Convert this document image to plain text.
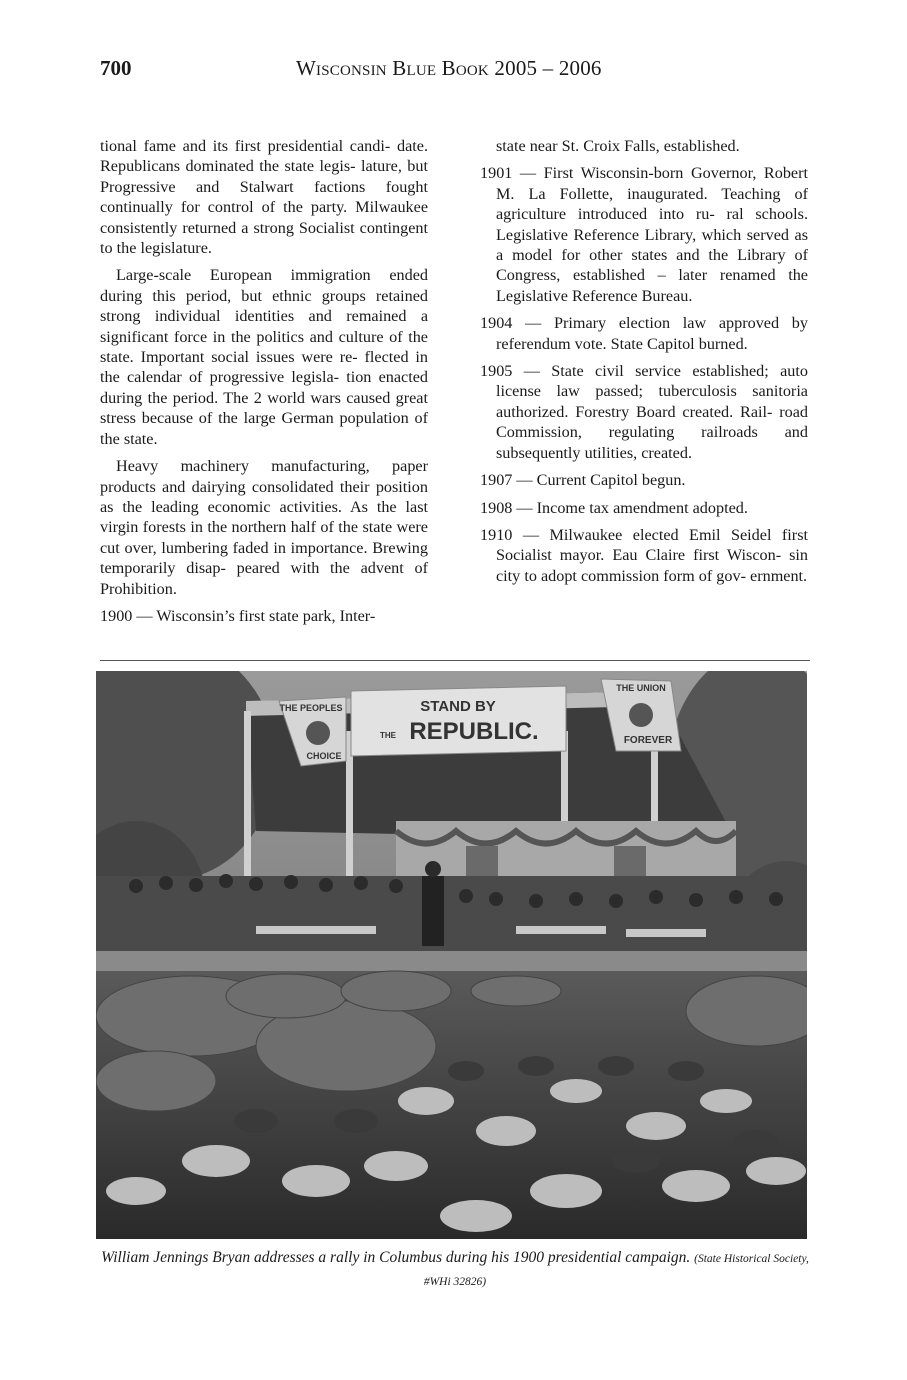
700	Wisconsin Blue Book 2005 – 2006

tional fame and its first presidential candi- date. Republicans dominated the state legis- lature, but Progressive and Stalwart factions fought continually for control of the party. Milwaukee consistently returned a strong Socialist contingent to the legislature.

Large-scale European immigration ended during this period, but ethnic groups retained strong individual identities and remained a significant force in the politics and culture of the state. Important social issues were re- flected in the calendar of progressive legisla- tion enacted during the period. The 2 world wars caused great stress because of the large German population of the state.

Heavy machinery manufacturing, paper products and dairying consolidated their position as the leading economic activities. As the last virgin forests in the northern half of the state were cut over, lumbering faded in importance. Brewing temporarily disap- peared with the advent of Prohibition.

1900 — Wisconsin’s first state park, Inter-

state near St. Croix Falls, established.

1901 — First Wisconsin-born Governor, Robert M. La Follette, inaugurated. Teaching of agriculture introduced into ru- ral schools. Legislative Reference Library, which served as a model for other states and the Library of Congress, established – later renamed the Legislative Reference Bureau.

1904 — Primary election law approved by referendum vote. State Capitol burned.

1905 — State civil service established; auto license law passed; tuberculosis sanitoria authorized. Forestry Board created. Rail- road Commission, regulating railroads and subsequently utilities, created.

1907 — Current Capitol begun.

1908 — Income tax amendment adopted.

1910 — Milwaukee elected Emil Seidel first Socialist mayor. Eau Claire first Wiscon- sin city to adopt commission form of gov- ernment.

STAND BY
THE REPUBLIC.
THE PEOPLES
CHOICE
THE UNION
FOREVER
William Jennings Bryan addresses a rally in Columbus during his 1900 presidential campaign. (State Historical Society, #WHi 32826)
